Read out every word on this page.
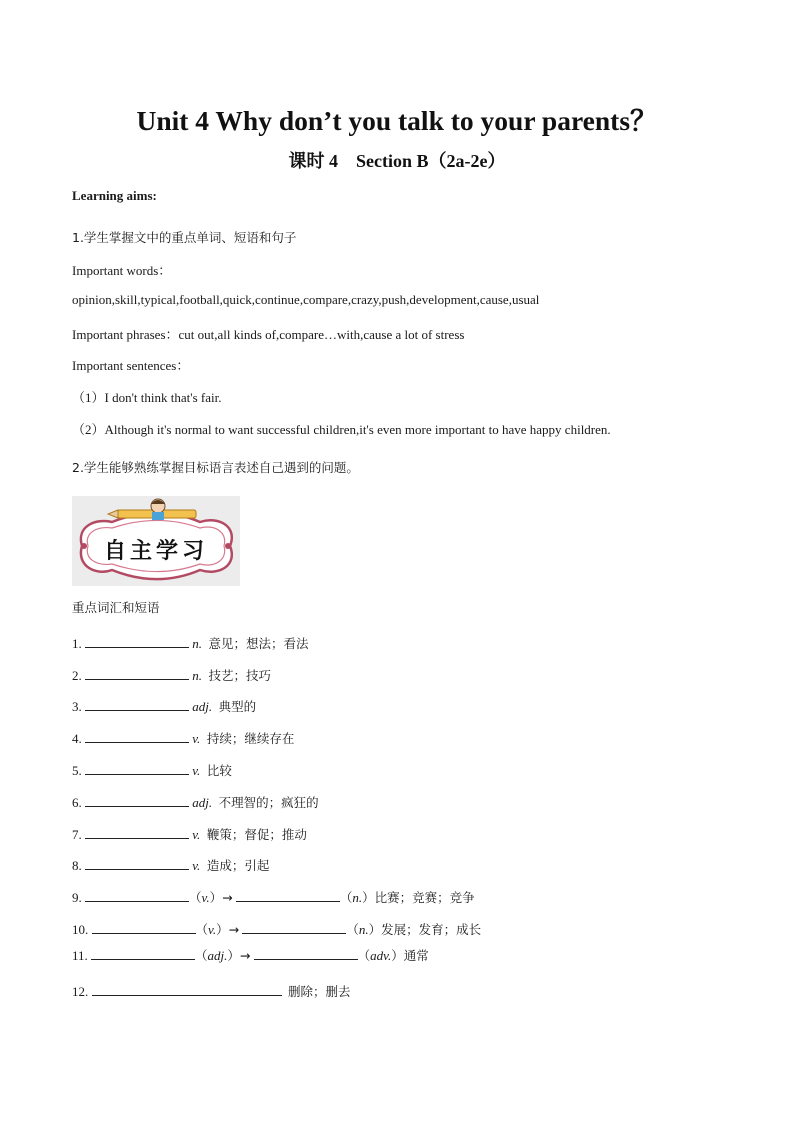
Unit 4 Why don’t you talk to your parents？
课时 4　Section B（2a-2e）
Learning aims:
1.学生掌握文中的重点单词、短语和句子
Important words：
opinion,skill,typical,football,quick,continue,compare,crazy,push,development,cause,usual
Important phrases：cut out,all kinds of,compare…with,cause a lot of stress
Important sentences：
（1）I don't think that's fair.
（2）Although it's normal to want successful children,it's even more important to have happy children.
2.学生能够熟练掌握目标语言表述自己遇到的问题。
自主学习
重点词汇和短语
1.	n. 意见；想法；看法
2.	n. 技艺；技巧
3.	adj. 典型的
4.	v. 持续；继续存在
5.	v. 比较
6.	adj. 不理智的；疯狂的
7.	v. 鞭策；督促；推动
8.	v. 造成；引起
9.	（v.）→	（n.）比赛；竞赛；竞争
10.	（v.）→	（n.）发展；发育；成长
11.	（adj.）→	（adv.）通常
12.	删除；删去
